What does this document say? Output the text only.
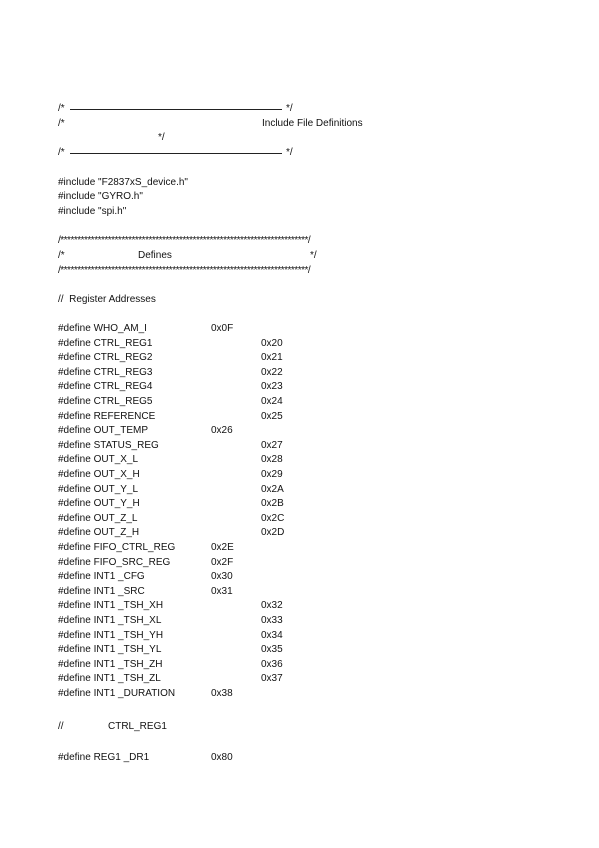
/*	*/
/*	Include File Definitions
*/
/*	*/
#include "F2837xS_device.h"
#include "GYRO.h"
#include "spi.h"
/*************************************************************************/
/*	Defines	*/
/*************************************************************************/
//  Register Addresses
#define WHO_AM_I	0x0F
#define CTRL_REG1	0x20
#define CTRL_REG2	0x21
#define CTRL_REG3	0x22
#define CTRL_REG4	0x23
#define CTRL_REG5	0x24
#define REFERENCE	0x25
#define OUT_TEMP	0x26
#define STATUS_REG	0x27
#define OUT_X_L	0x28
#define OUT_X_H	0x29
#define OUT_Y_L	0x2A
#define OUT_Y_H	0x2B
#define OUT_Z_L	0x2C
#define OUT_Z_H	0x2D
#define FIFO_CTRL_REG	0x2E
#define FIFO_SRC_REG	0x2F
#define INT1 _CFG	0x30
#define INT1 _SRC	0x31
#define INT1 _TSH_XH	0x32
#define INT1 _TSH_XL	0x33
#define INT1 _TSH_YH	0x34
#define INT1 _TSH_YL	0x35
#define INT1 _TSH_ZH	0x36
#define INT1 _TSH_ZL	0x37
#define INT1 _DURATION	0x38
//	CTRL_REG1
#define REG1 _DR1	0x80
